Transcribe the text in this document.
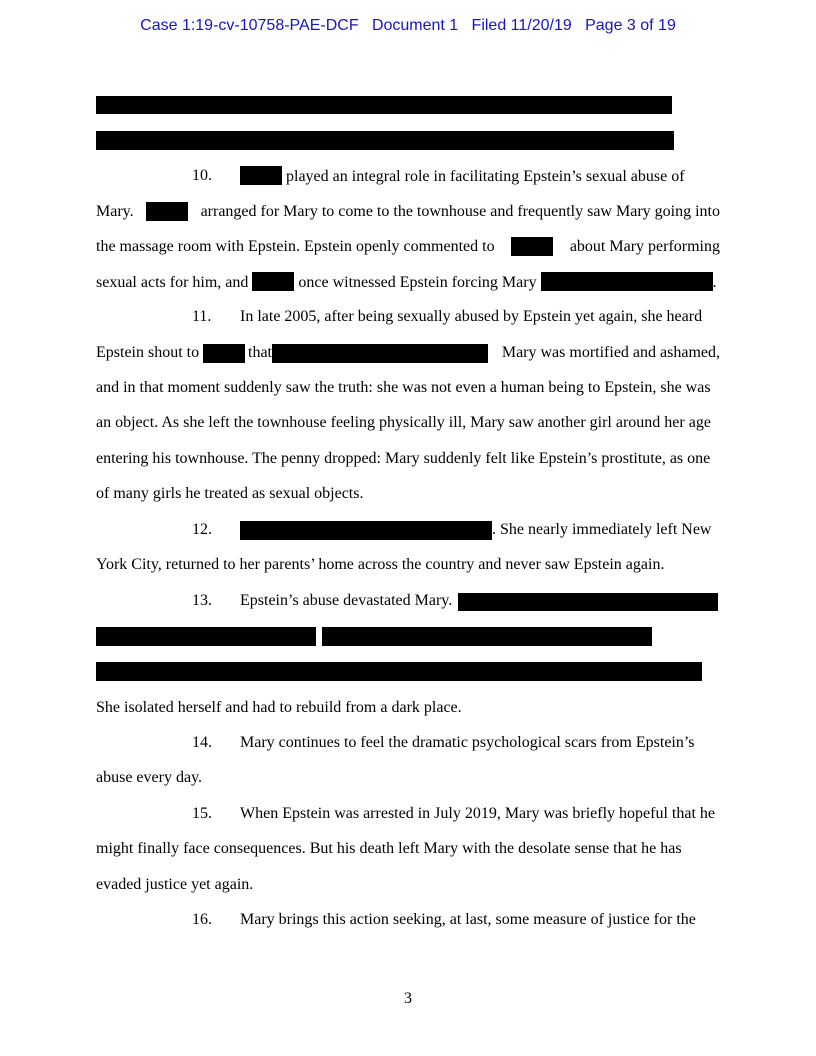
Case 1:19-cv-10758-PAE-DCF Document 1 Filed 11/20/19 Page 3 of 19
10.	played an integral role in facilitating Epstein’s sexual abuse of
Mary.	arranged for Mary to come to the townhouse and frequently saw Mary going into
the massage room with Epstein. Epstein openly commented to	about Mary performing
sexual acts for him, and	once witnessed Epstein forcing Mary	.
11. In late 2005, after being sexually abused by Epstein yet again, she heard
Epstein shout to	that	Mary was mortified and ashamed,
and in that moment suddenly saw the truth: she was not even a human being to Epstein, she was
an object. As she left the townhouse feeling physically ill, Mary saw another girl around her age
entering his townhouse. The penny dropped: Mary suddenly felt like Epstein’s prostitute, as one
of many girls he treated as sexual objects.
12.	. She nearly immediately left New
York City, returned to her parents’ home across the country and never saw Epstein again.
13. Epstein’s abuse devastated Mary.
She isolated herself and had to rebuild from a dark place.
14. Mary continues to feel the dramatic psychological scars from Epstein’s
abuse every day.
15. When Epstein was arrested in July 2019, Mary was briefly hopeful that he
might finally face consequences. But his death left Mary with the desolate sense that he has
evaded justice yet again.
16. Mary brings this action seeking, at last, some measure of justice for the
3
